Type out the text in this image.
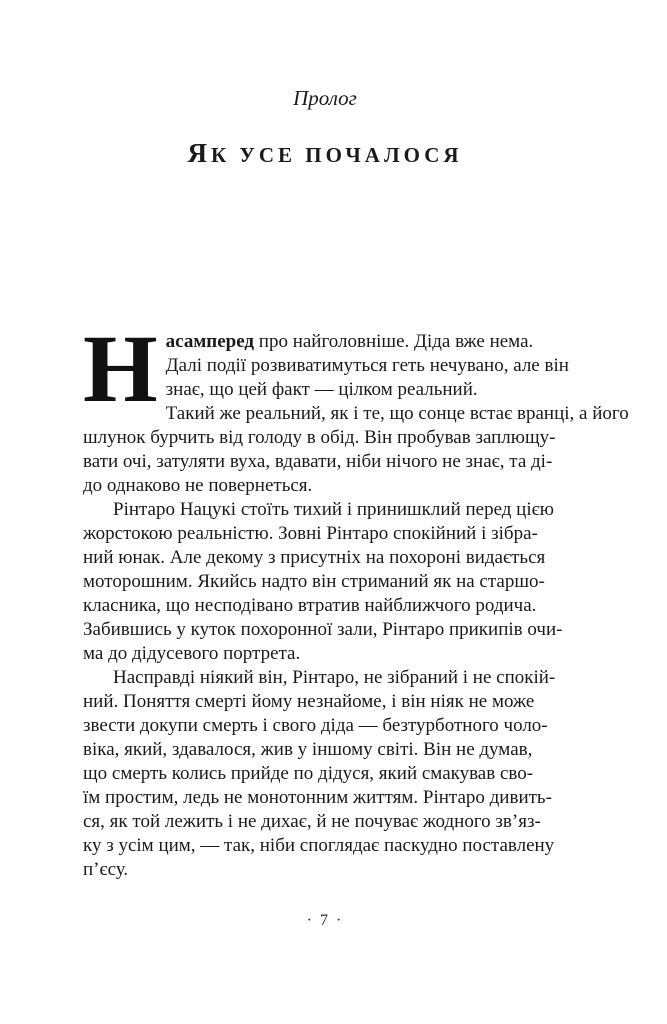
Пролог
ЯК УСЕ ПОЧАЛОСЯ
Н асамперед про найголовніше. Діда вже нема.
Далі події розвиватимуться геть нечувано, але він
знає, що цей факт — цілком реальний.
Такий же реальний, як і те, що сонце встає вранці, а його
шлунок бурчить від голоду в обід. Він пробував заплющу-
вати очі, затуляти вуха, вдавати, ніби нічого не знає, та ді-
до однаково не повернеться.
Рінтаро Нацукі стоїть тихий і принишклий перед цією
жорстокою реальністю. Зовні Рінтаро спокійний і зібра-
ний юнак. Але декому з присутніх на похороні видається
моторошним. Якийсь надто він стриманий як на старшо-
класника, що несподівано втратив найближчого родича.
Забившись у куток похоронної зали, Рінтаро прикипів очи-
ма до дідусевого портрета.
Насправді ніякий він, Рінтаро, не зібраний і не спокій-
ний. Поняття смерті йому незнайоме, і він ніяк не може
звести докупи смерть і свого діда — безтурботного чоло-
віка, який, здавалося, жив у іншому світі. Він не думав,
що смерть колись прийде по дідуся, який смакував сво-
їм простим, ледь не монотонним життям. Рінтаро дивить-
ся, як той лежить і не дихає, й не почуває жодного зв’яз-
ку з усім цим, — так, ніби споглядає паскудно поставлену
п’єсу.
· 7 ·
